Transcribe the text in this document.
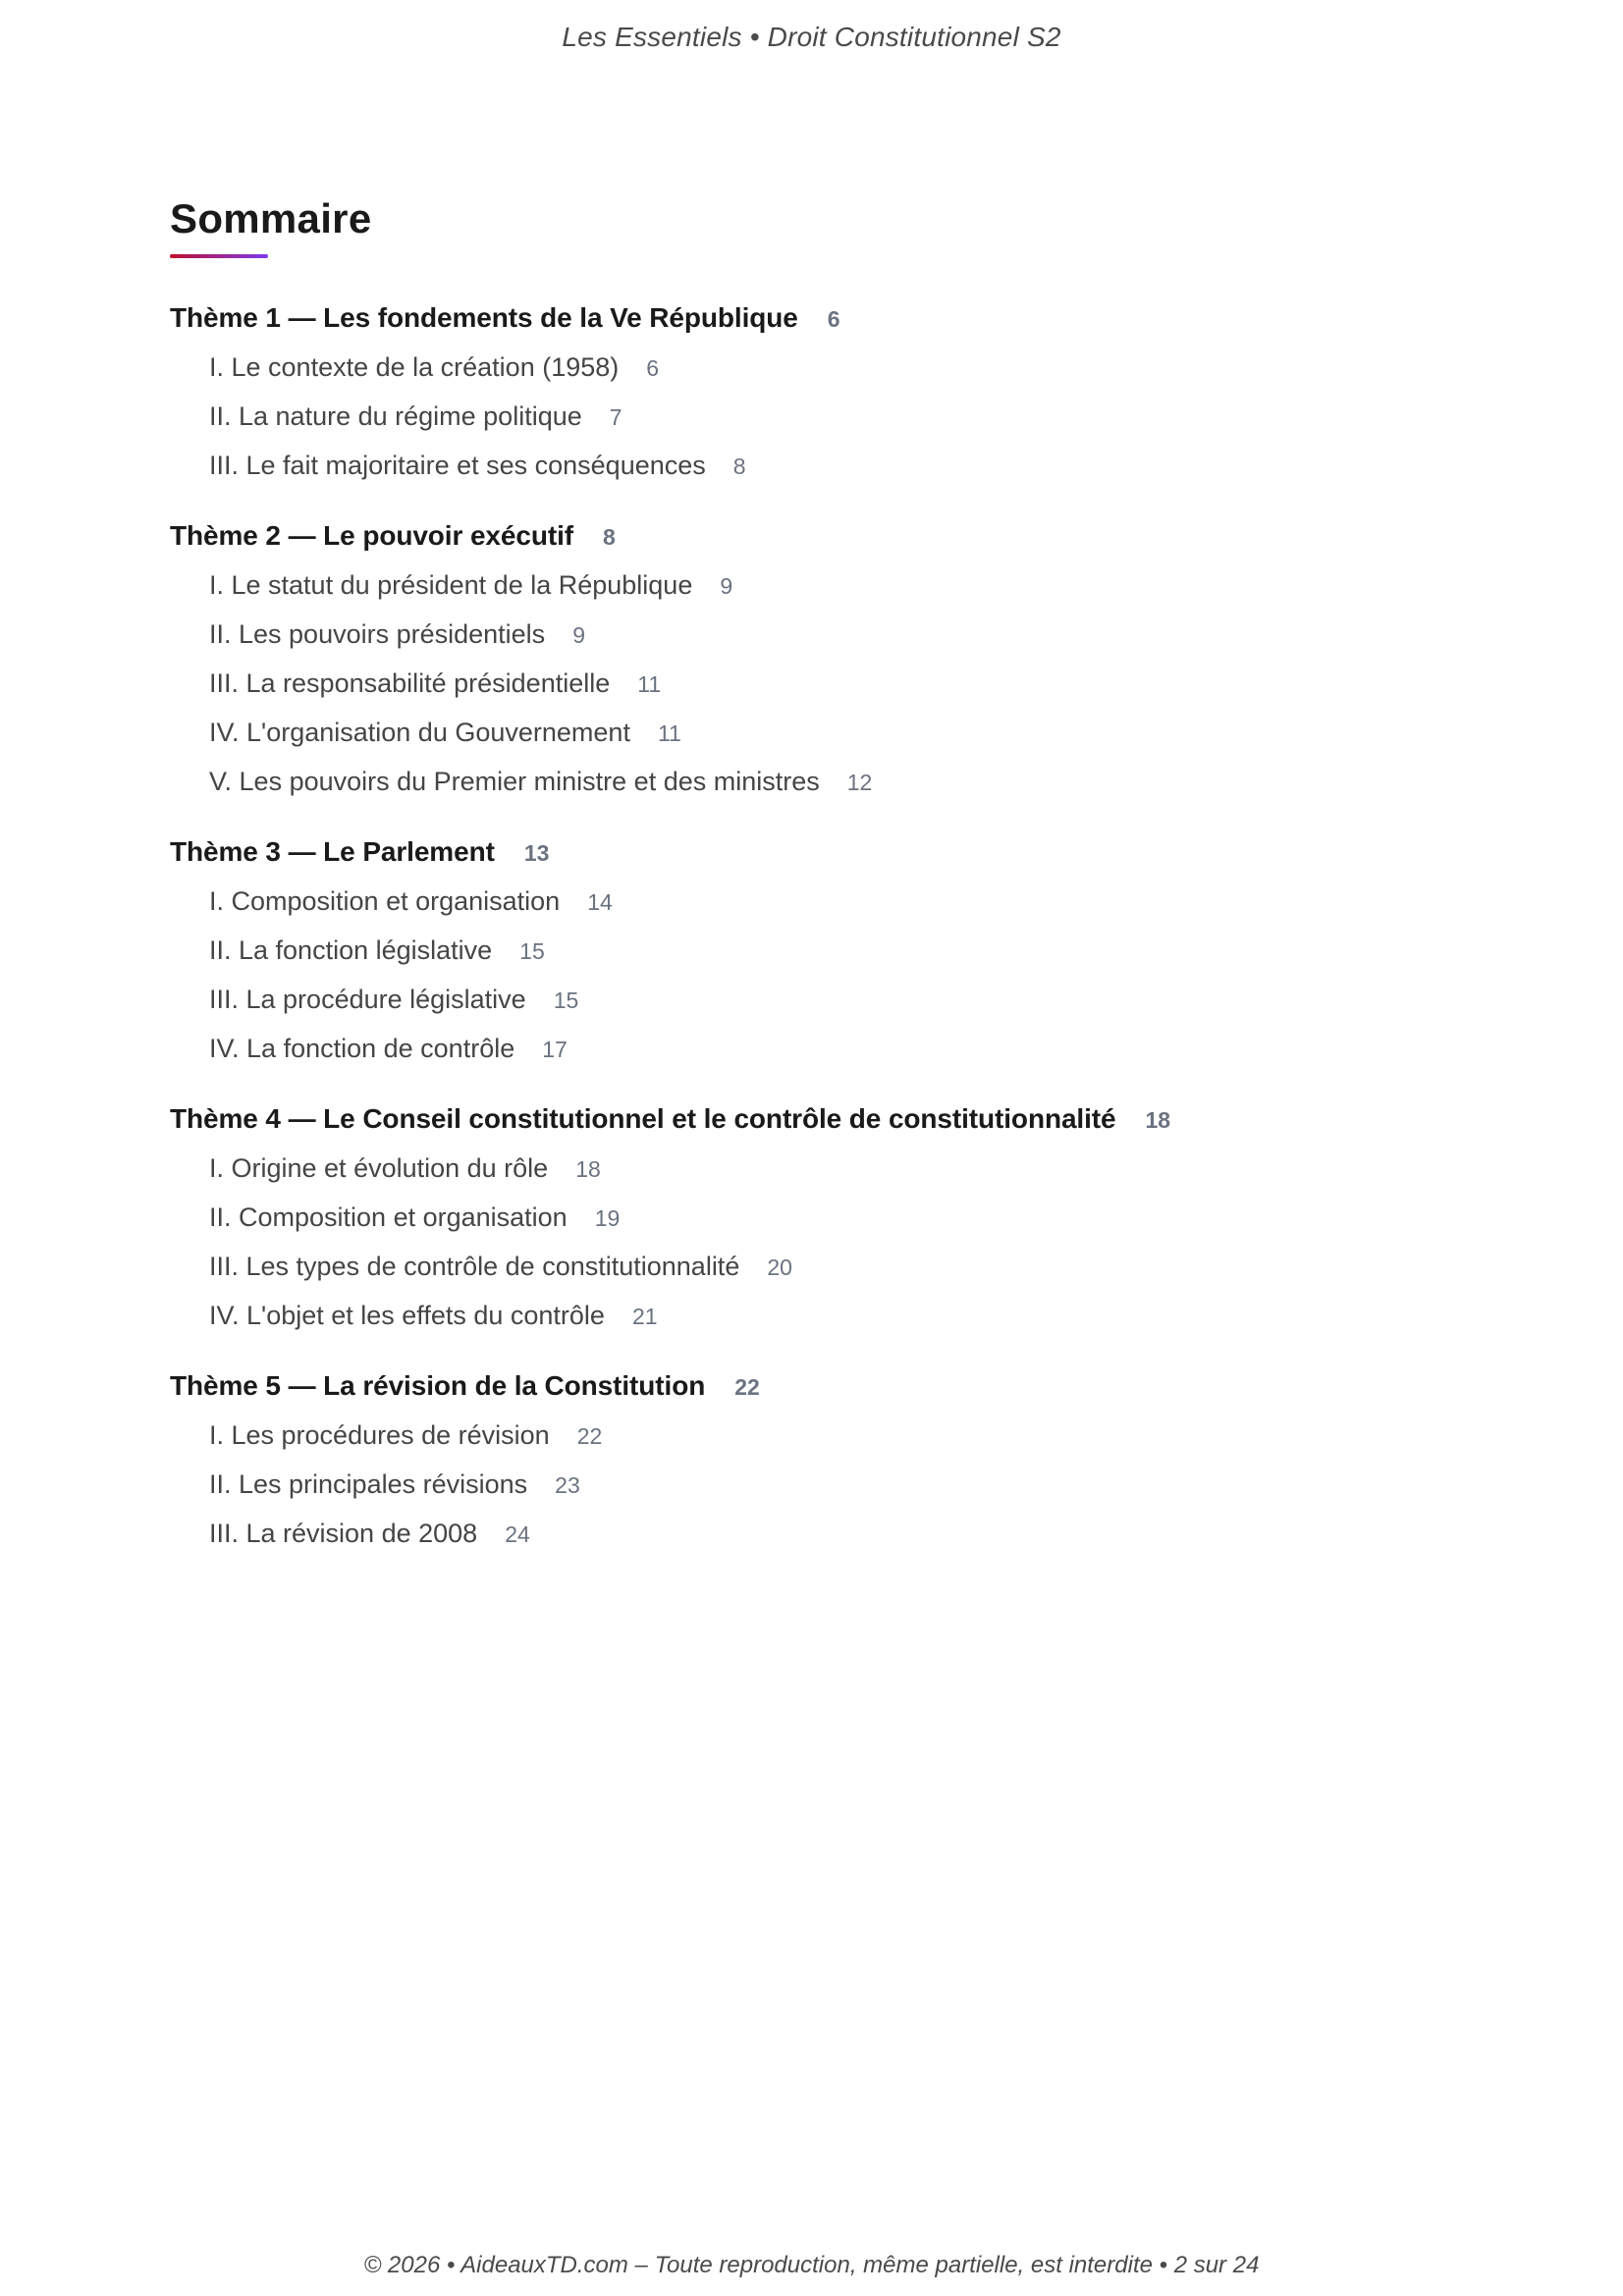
Les Essentiels • Droit Constitutionnel S2
Sommaire
Thème 1 — Les fondements de la Ve République 6
I. Le contexte de la création (1958) 6
II. La nature du régime politique 7
III. Le fait majoritaire et ses conséquences 8
Thème 2 — Le pouvoir exécutif 8
I. Le statut du président de la République 9
II. Les pouvoirs présidentiels 9
III. La responsabilité présidentielle 11
IV. L'organisation du Gouvernement 11
V. Les pouvoirs du Premier ministre et des ministres 12
Thème 3 — Le Parlement 13
I. Composition et organisation 14
II. La fonction législative 15
III. La procédure législative 15
IV. La fonction de contrôle 17
Thème 4 — Le Conseil constitutionnel et le contrôle de constitutionnalité 18
I. Origine et évolution du rôle 18
II. Composition et organisation 19
III. Les types de contrôle de constitutionnalité 20
IV. L'objet et les effets du contrôle 21
Thème 5 — La révision de la Constitution 22
I. Les procédures de révision 22
II. Les principales révisions 23
III. La révision de 2008 24
© 2026 • AideauxTD.com – Toute reproduction, même partielle, est interdite • 2 sur 24
